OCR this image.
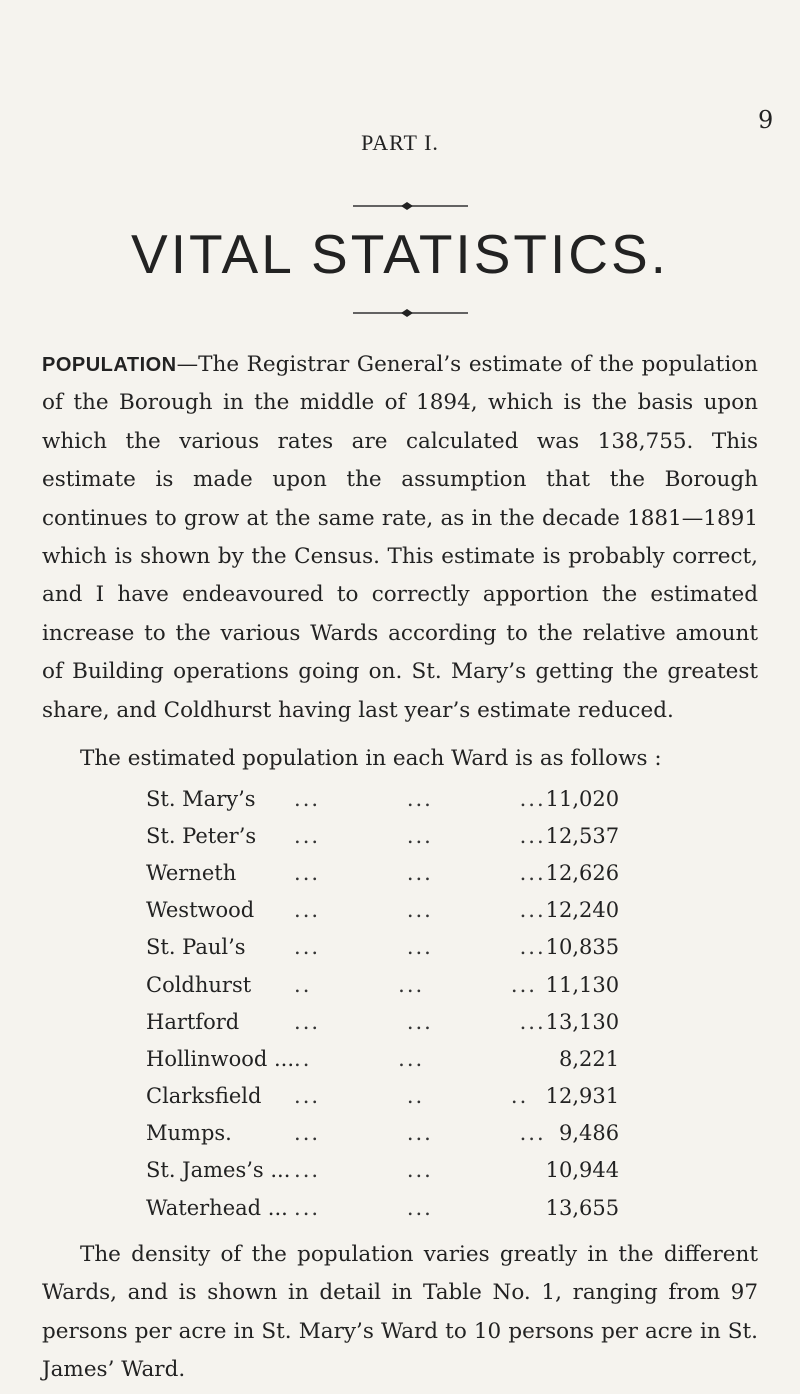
9
PART I.
VITAL STATISTICS.
POPULATION—The Registrar General’s estimate of the population of the Borough in the middle of 1894, which is the basis upon which the various rates are calculated was 138,755. This estimate is made upon the assumption that the Borough continues to grow at the same rate, as in the decade 1881—1891 which is shown by the Census. This estimate is probably correct, and I have endeavoured to correctly apportion the estimated increase to the various Wards according to the relative amount of Building operations going on. St. Mary’s getting the greatest share, and Coldhurst having last year’s estimate reduced.
The estimated population in each Ward is as follows :
St. Mary’s	...          ...          ...	11,020
St. Peter’s	...          ...          ...	12,537
Werneth	...          ...          ...	12,626
Westwood	...          ...          ...	12,240
St. Paul’s	...          ...          ...	10,835
Coldhurst	..          ...          ...	11,130
Hartford	...          ...          ...	13,130
Hollinwood ...	..          ...	8,221
Clarksfield	...          ..          ..	12,931
Mumps.	...          ...          ...	9,486
St. James’s ...	...          ...	10,944
Waterhead ...	...          ...	13,655
The density of the population varies greatly in the different Wards, and is shown in detail in Table No. 1, ranging from 97 persons per acre in St. Mary’s Ward to 10 persons per acre in St. James’ Ward.
